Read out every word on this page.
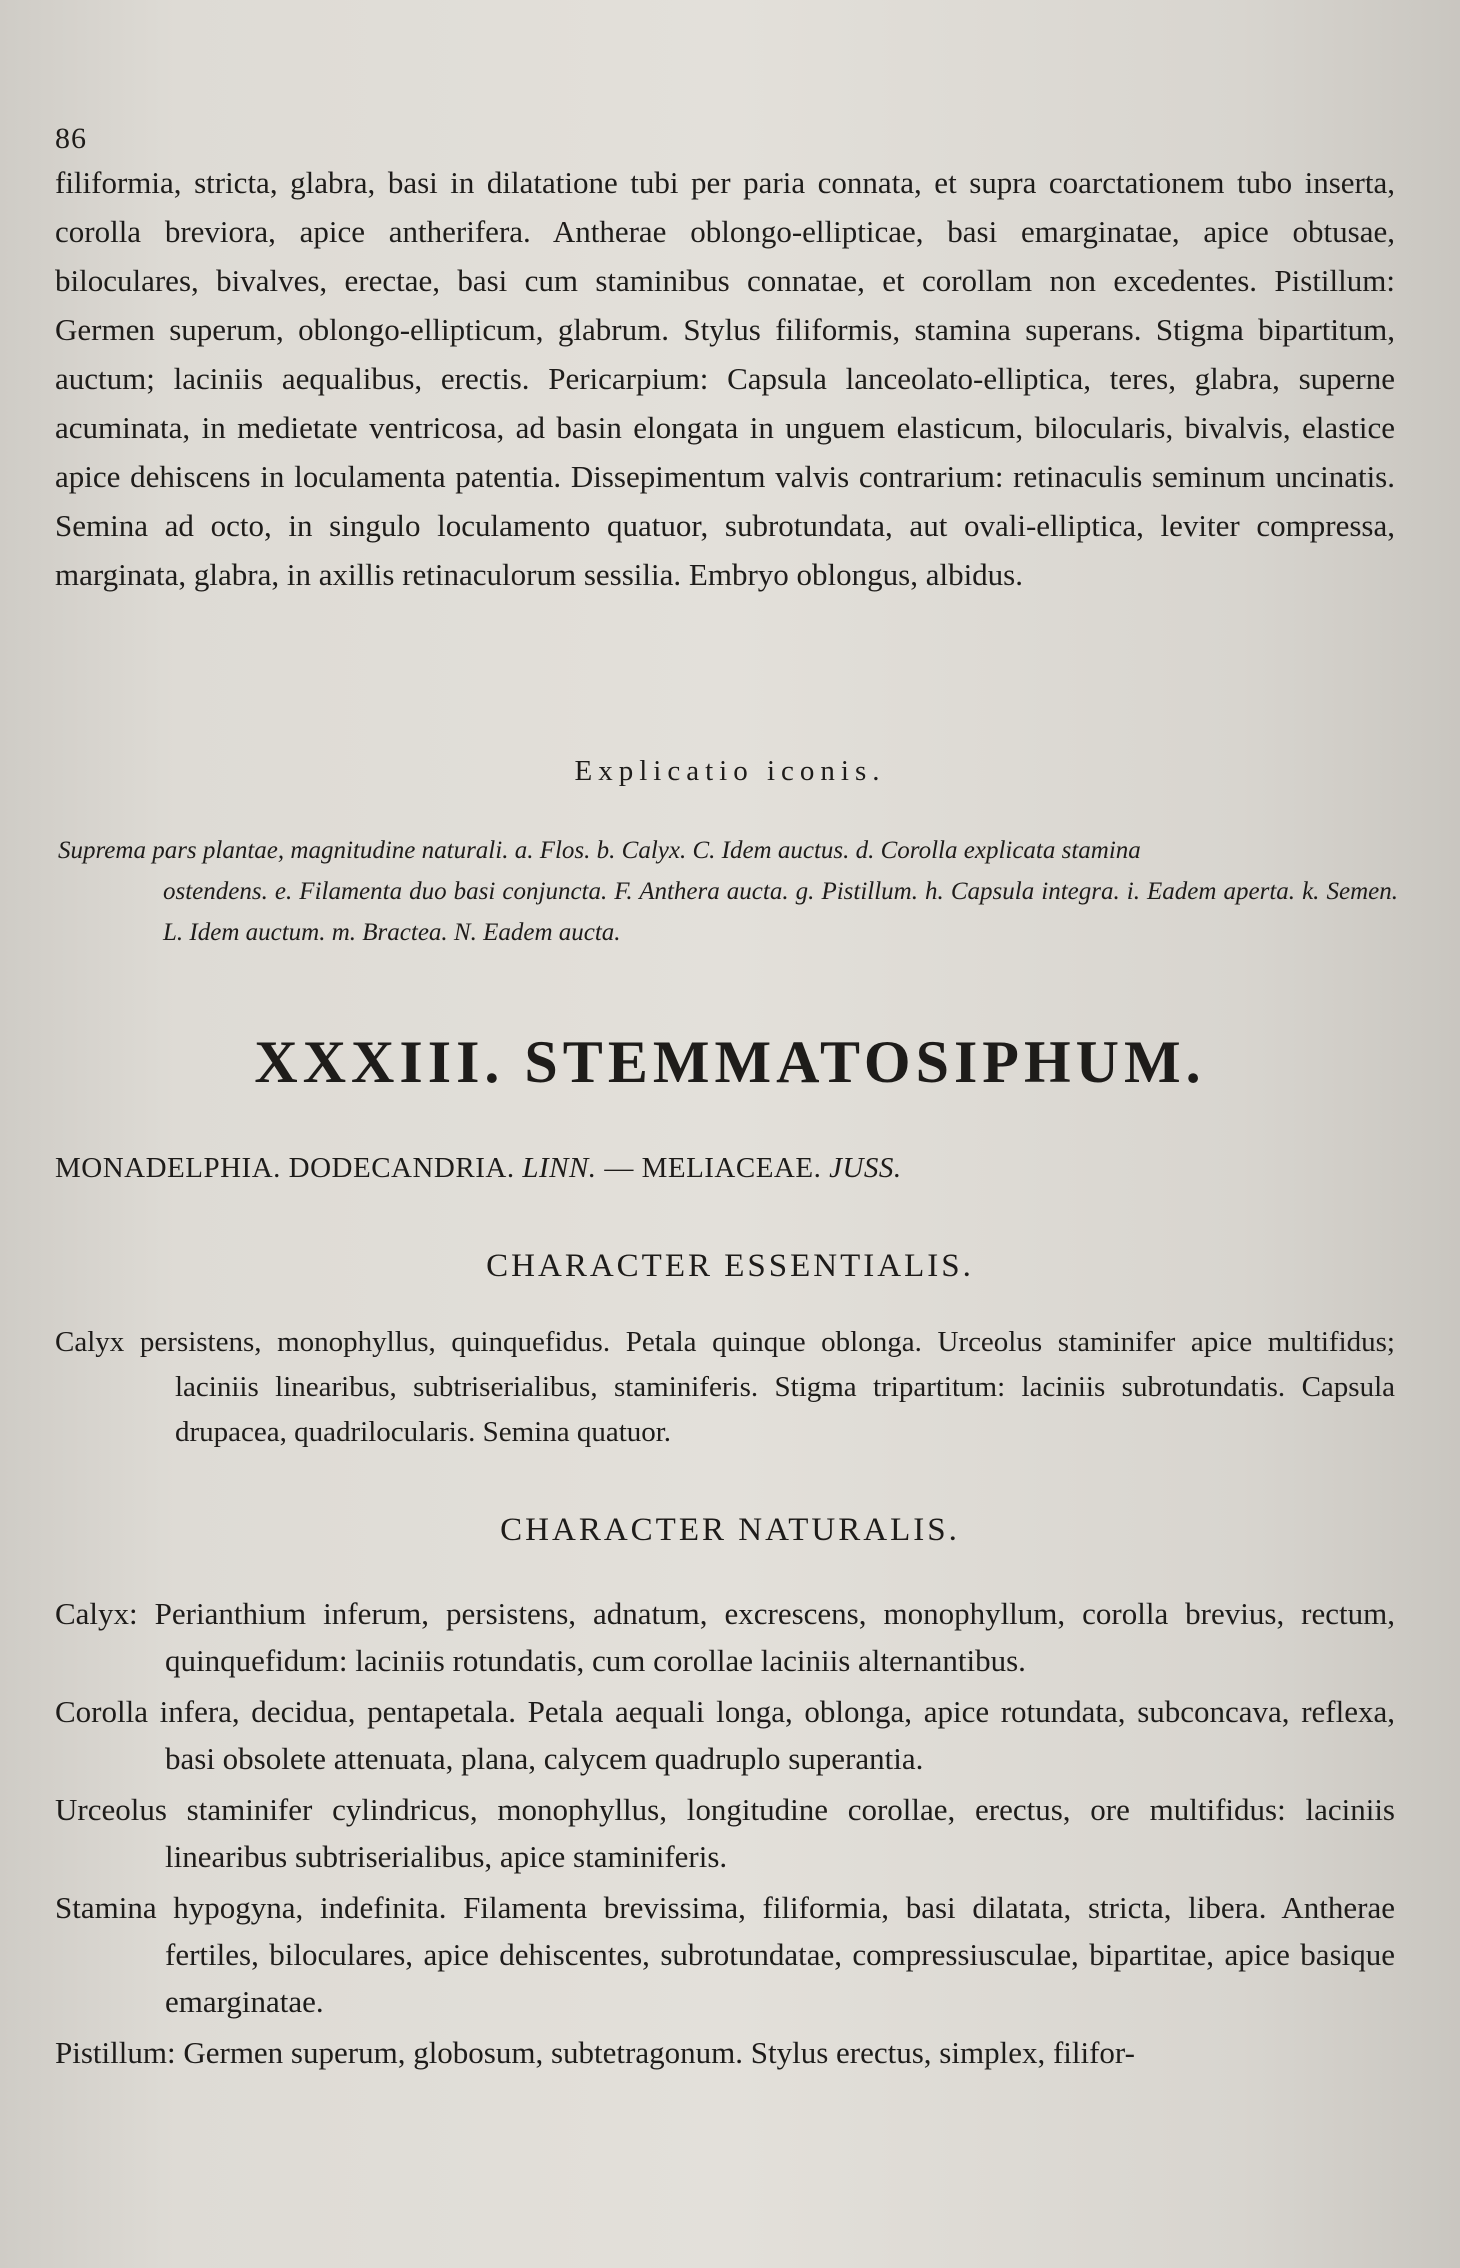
86

filiformia, stricta, glabra, basi in dilatatione tubi per paria connata, et supra coarctationem tubo inserta, corolla breviora, apice antherifera. Antherae oblongo-ellipticae, basi emarginatae, apice obtusae, biloculares, bivalves, erectae, basi cum staminibus connatae, et corollam non excedentes. Pistillum: Germen superum, oblongo-ellipticum, glabrum. Stylus filiformis, stamina superans. Stigma bipartitum, auctum; laciniis aequalibus, erectis. Pericarpium: Capsula lanceolato-elliptica, teres, glabra, superne acuminata, in medietate ventricosa, ad basin elongata in unguem elasticum, bilocularis, bivalvis, elastice apice dehiscens in loculamenta patentia. Dissepimentum valvis contrarium: retinaculis seminum uncinatis. Semina ad octo, in singulo loculamento quatuor, subrotundata, aut ovali-elliptica, leviter compressa, marginata, glabra, in axillis retinaculorum sessilia. Embryo oblongus, albidus.

Explicatio iconis.

Suprema pars plantae, magnitudine naturali. a. Flos. b. Calyx. C. Idem auctus. d. Corolla explicata stamina
ostendens. e. Filamenta duo basi conjuncta. F. Anthera aucta. g. Pistillum. h. Capsula integra. i. Eadem aperta. k. Semen. L. Idem auctum. m. Bractea. N. Eadem aucta.

XXXIII. STEMMATOSIPHUM.
MONADELPHIA. DODECANDRIA. LINN. — MELIACEAE. JUSS.
CHARACTER ESSENTIALIS.

Calyx persistens, monophyllus, quinquefidus. Petala quinque oblonga. Urceolus staminifer apice multifidus; laciniis linearibus, subtriserialibus, staminiferis. Stigma tripartitum: laciniis subrotundatis. Capsula drupacea, quadrilocularis. Semina quatuor.

CHARACTER NATURALIS.

Calyx: Perianthium inferum, persistens, adnatum, excrescens, monophyllum, corolla brevius, rectum, quinquefidum: laciniis rotundatis, cum corollae laciniis alternantibus.

Corolla infera, decidua, pentapetala. Petala aequali longa, oblonga, apice rotundata, subconcava, reflexa, basi obsolete attenuata, plana, calycem quadruplo superantia.

Urceolus staminifer cylindricus, monophyllus, longitudine corollae, erectus, ore multifidus: laciniis linearibus subtriserialibus, apice staminiferis.

Stamina hypogyna, indefinita. Filamenta brevissima, filiformia, basi dilatata, stricta, libera. Antherae fertiles, biloculares, apice dehiscentes, subrotundatae, compressiusculae, bipartitae, apice basique emarginatae.

Pistillum: Germen superum, globosum, subtetragonum. Stylus erectus, simplex, filifor-
